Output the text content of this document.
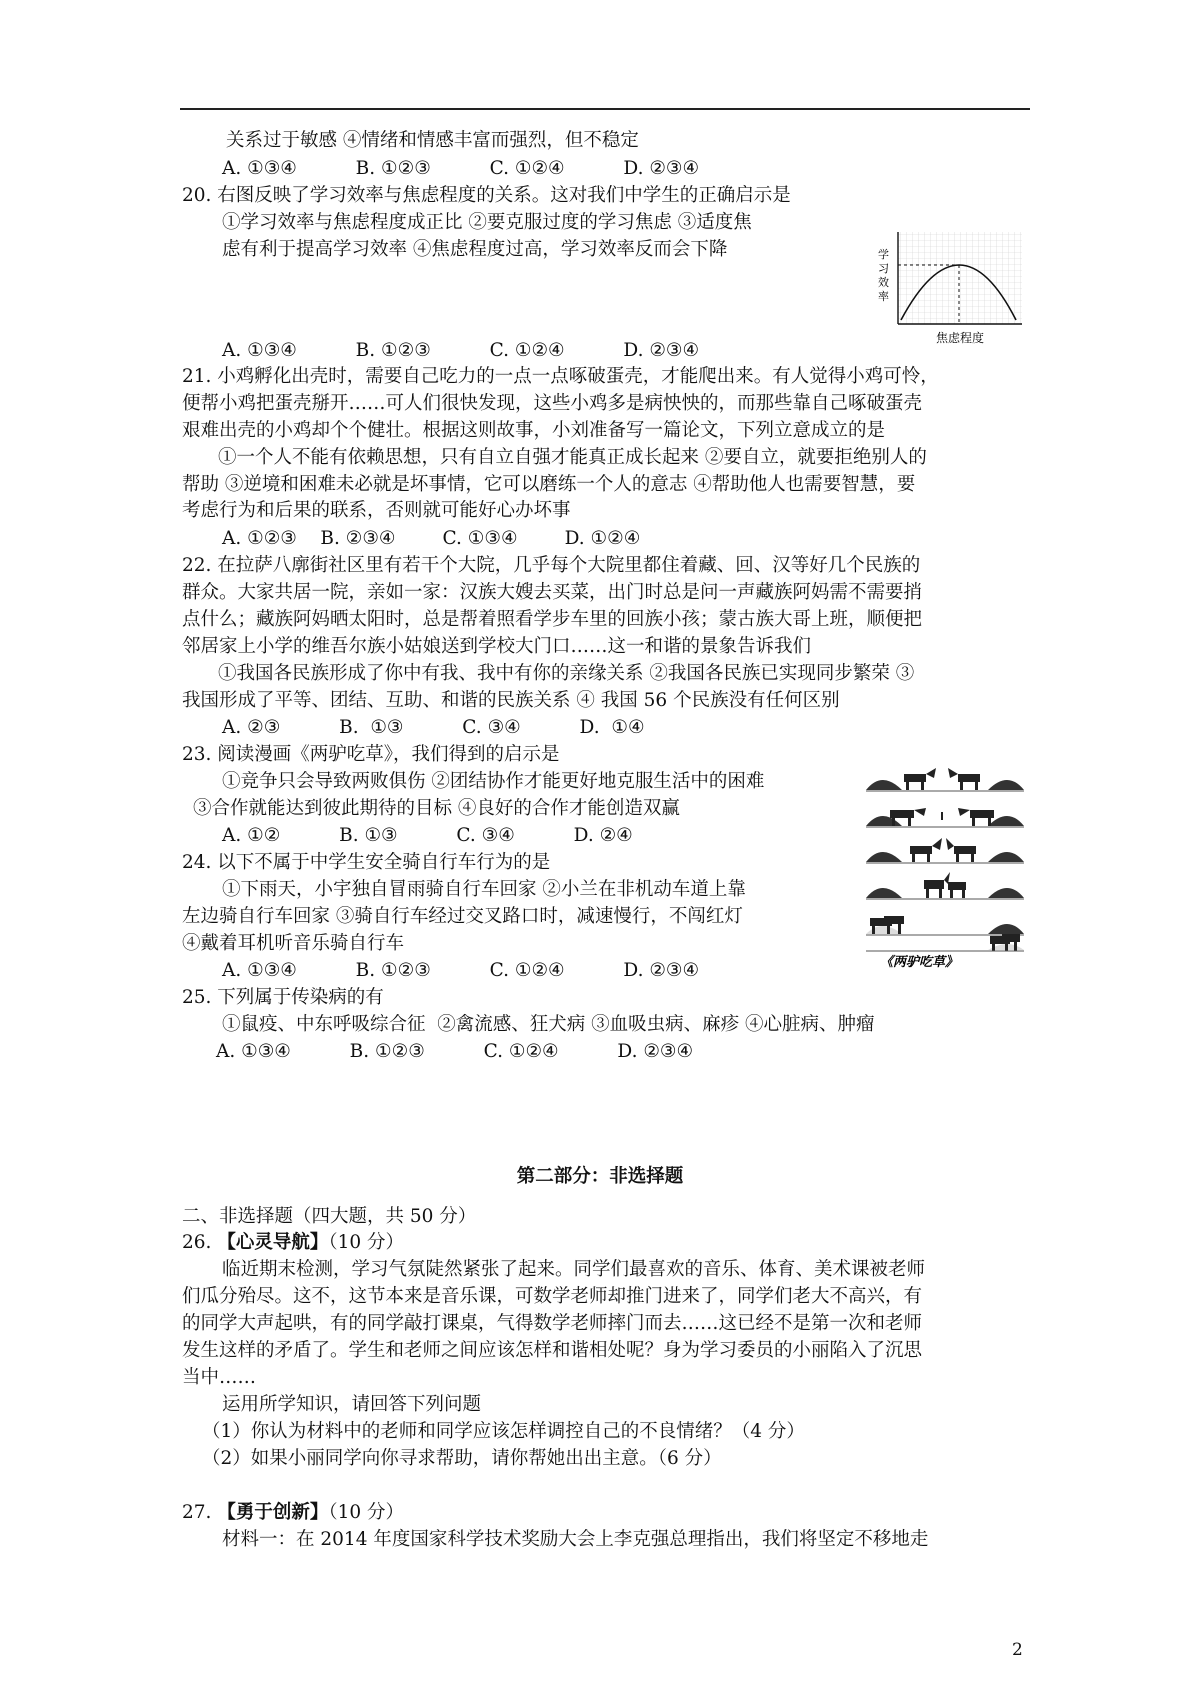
关系过于敏感 ④情绪和情感丰富而强烈，但不稳定
A. ①③④          B. ①②③          C. ①②④          D. ②③④
20. 右图反映了学习效率与焦虑程度的关系。这对我们中学生的正确启示是
①学习效率与焦虑程度成正比 ②要克服过度的学习焦虑 ③适度焦
虑有利于提高学习效率 ④焦虑程度过高，学习效率反而会下降
A. ①③④          B. ①②③          C. ①②④          D. ②③④
21. 小鸡孵化出壳时，需要自己吃力的一点一点啄破蛋壳，才能爬出来。有人觉得小鸡可怜，
便帮小鸡把蛋壳掰开……可人们很快发现，这些小鸡多是病怏怏的，而那些靠自己啄破蛋壳
艰难出壳的小鸡却个个健壮。根据这则故事，小刘准备写一篇论文，下列立意成立的是
①一个人不能有依赖思想，只有自立自强才能真正成长起来 ②要自立，就要拒绝别人的
帮助 ③逆境和困难未必就是坏事情，它可以磨练一个人的意志 ④帮助他人也需要智慧，要
考虑行为和后果的联系，否则就可能好心办坏事
A. ①②③    B. ②③④        C. ①③④        D. ①②④
22. 在拉萨八廓街社区里有若干个大院，几乎每个大院里都住着藏、回、汉等好几个民族的
群众。大家共居一院，亲如一家：汉族大嫂去买菜，出门时总是问一声藏族阿妈需不需要捎
点什么；藏族阿妈晒太阳时，总是帮着照看学步车里的回族小孩；蒙古族大哥上班，顺便把
邻居家上小学的维吾尔族小姑娘送到学校大门口……这一和谐的景象告诉我们
①我国各民族形成了你中有我、我中有你的亲缘关系 ②我国各民族已实现同步繁荣 ③
我国形成了平等、团结、互助、和谐的民族关系 ④ 我国 56 个民族没有任何区别
A. ②③          B.  ①③          C. ③④          D.  ①④
23. 阅读漫画《两驴吃草》，我们得到的启示是
①竞争只会导致两败俱伤 ②团结协作才能更好地克服生活中的困难
③合作就能达到彼此期待的目标 ④良好的合作才能创造双赢
A. ①②          B. ①③          C. ③④          D. ②④
24. 以下不属于中学生安全骑自行车行为的是
①下雨天，小宇独自冒雨骑自行车回家 ②小兰在非机动车道上靠
左边骑自行车回家 ③骑自行车经过交叉路口时，减速慢行，不闯红灯
④戴着耳机听音乐骑自行车
A. ①③④          B. ①②③          C. ①②④          D. ②③④
25. 下列属于传染病的有
①鼠疫、中东呼吸综合征  ②禽流感、狂犬病 ③血吸虫病、麻疹 ④心脏病、肿瘤
A. ①③④          B. ①②③          C. ①②④          D. ②③④
二、非选择题（四大题，共 50 分）
26. 【心灵导航】（10 分）
临近期末检测，学习气氛陡然紧张了起来。同学们最喜欢的音乐、体育、美术课被老师
们瓜分殆尽。这不，这节本来是音乐课，可数学老师却推门进来了，同学们老大不高兴，有
的同学大声起哄，有的同学敲打课桌，气得数学老师摔门而去……这已经不是第一次和老师
发生这样的矛盾了。学生和老师之间应该怎样和谐相处呢？身为学习委员的小丽陷入了沉思
当中……
运用所学知识，请回答下列问题
（1）你认为材料中的老师和同学应该怎样调控自己的不良情绪？（4 分）
（2）如果小丽同学向你寻求帮助，请你帮她出出主意。（6 分）
27. 【勇于创新】（10 分）
材料一：在 2014 年度国家科学技术奖励大会上李克强总理指出，我们将坚定不移地走
第二部分：非选择题
学
习
效
率
焦虑程度
《两驴吃草》
2
